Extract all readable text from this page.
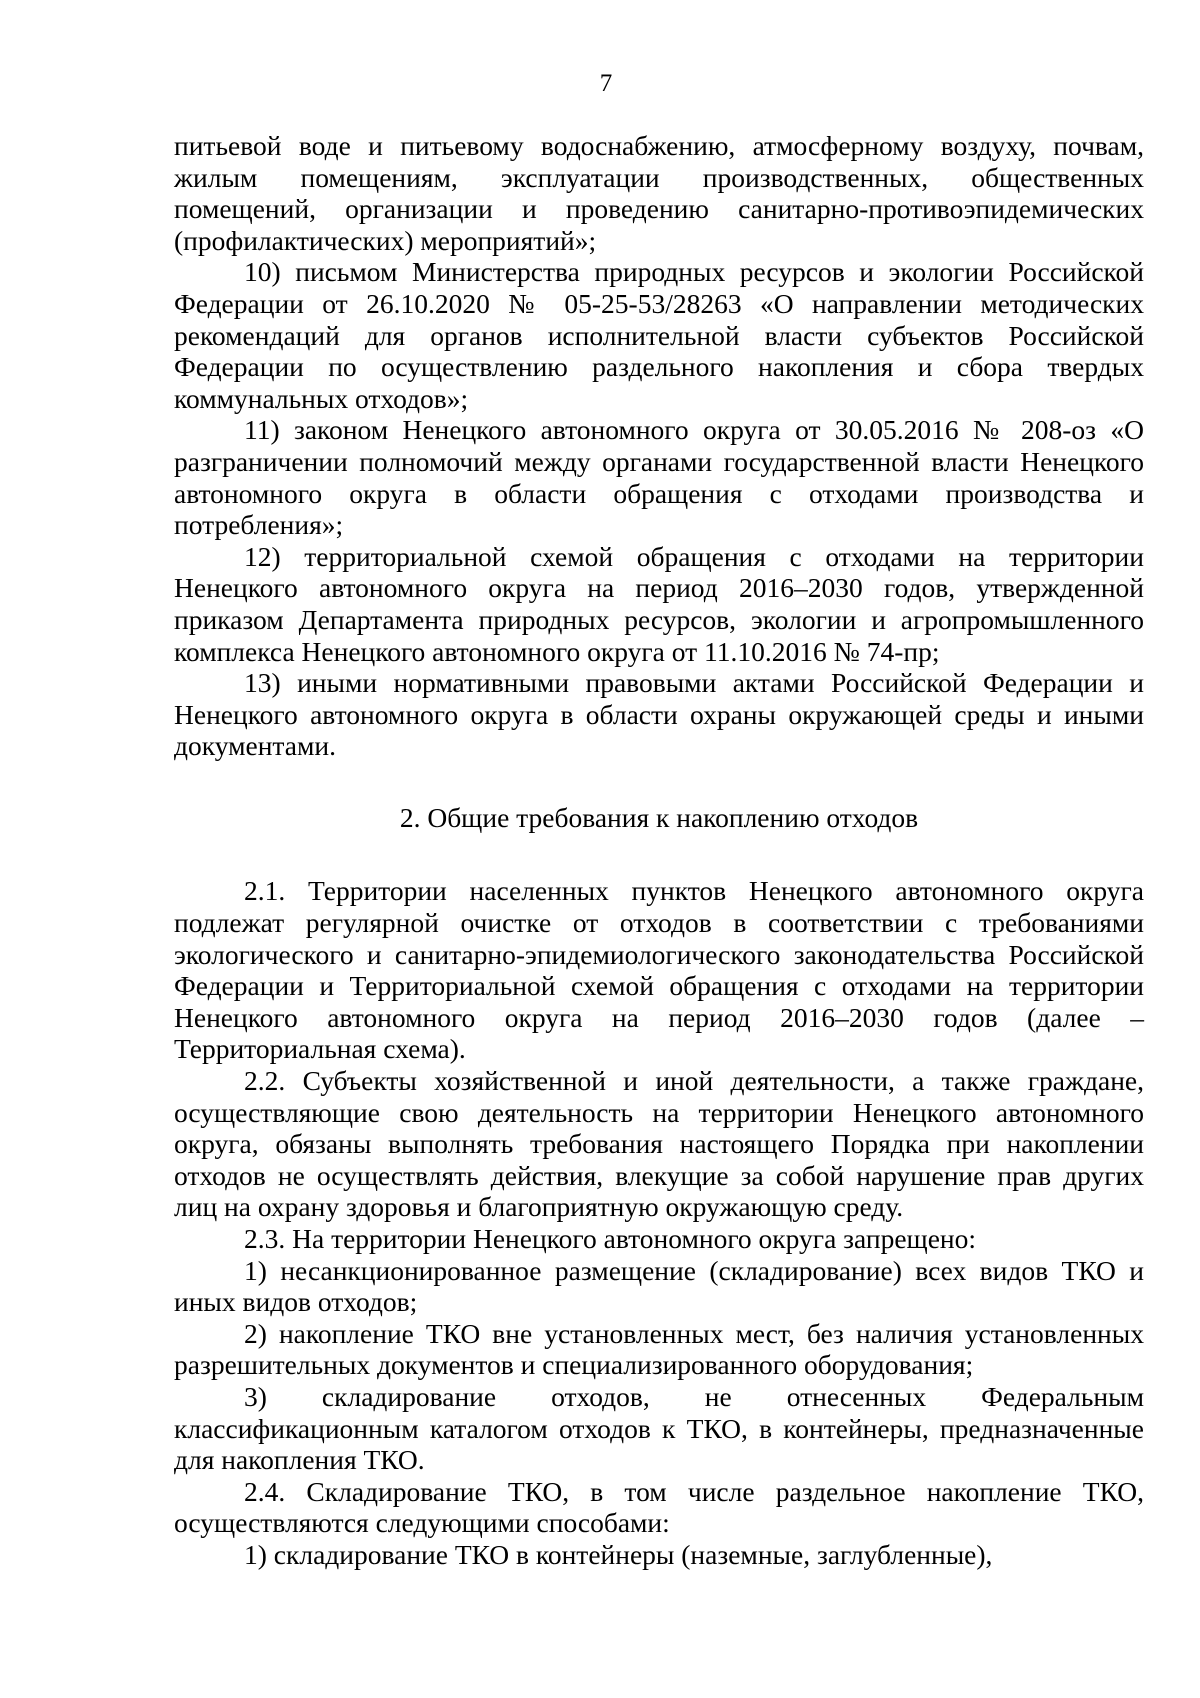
7

питьевой воде и питьевому водоснабжению, атмосферному воздуху, почвам, жилым помещениям, эксплуатации производственных, общественных помещений, организации и проведению санитарно-противоэпидемических (профилактических) мероприятий»;

10) письмом Министерства природных ресурсов и экологии Российской Федерации от 26.10.2020 № 05-25-53/28263 «О направлении методических рекомендаций для органов исполнительной власти субъектов Российской Федерации по осуществлению раздельного накопления и сбора твердых коммунальных отходов»;

11) законом Ненецкого автономного округа от 30.05.2016 № 208-оз «О разграничении полномочий между органами государственной власти Ненецкого автономного округа в области обращения с отходами производства и потребления»;

12) территориальной схемой обращения с отходами на территории Ненецкого автономного округа на период 2016–2030 годов, утвержденной приказом Департамента природных ресурсов, экологии и агропромышленного комплекса Ненецкого автономного округа от 11.10.2016 № 74-пр;

13) иными нормативными правовыми актами Российской Федерации и Ненецкого автономного округа в области охраны окружающей среды и иными документами.

2. Общие требования к накоплению отходов

2.1. Территории населенных пунктов Ненецкого автономного округа подлежат регулярной очистке от отходов в соответствии с требованиями экологического и санитарно-эпидемиологического законодательства Российской Федерации и Территориальной схемой обращения с отходами на территории Ненецкого автономного округа на период 2016–2030 годов (далее – Территориальная схема).

2.2. Субъекты хозяйственной и иной деятельности, а также граждане, осуществляющие свою деятельность на территории Ненецкого автономного округа, обязаны выполнять требования настоящего Порядка при накоплении отходов не осуществлять действия, влекущие за собой нарушение прав других лиц на охрану здоровья и благоприятную окружающую среду.

2.3. На территории Ненецкого автономного округа запрещено:

1) несанкционированное размещение (складирование) всех видов ТКО и иных видов отходов;

2) накопление ТКО вне установленных мест, без наличия установленных разрешительных документов и специализированного оборудования;

3) складирование отходов, не отнесенных Федеральным классификационным каталогом отходов к ТКО, в контейнеры, предназначенные для накопления ТКО.

2.4. Складирование ТКО, в том числе раздельное накопление ТКО, осуществляются следующими способами:

1) складирование ТКО в контейнеры (наземные, заглубленные),
